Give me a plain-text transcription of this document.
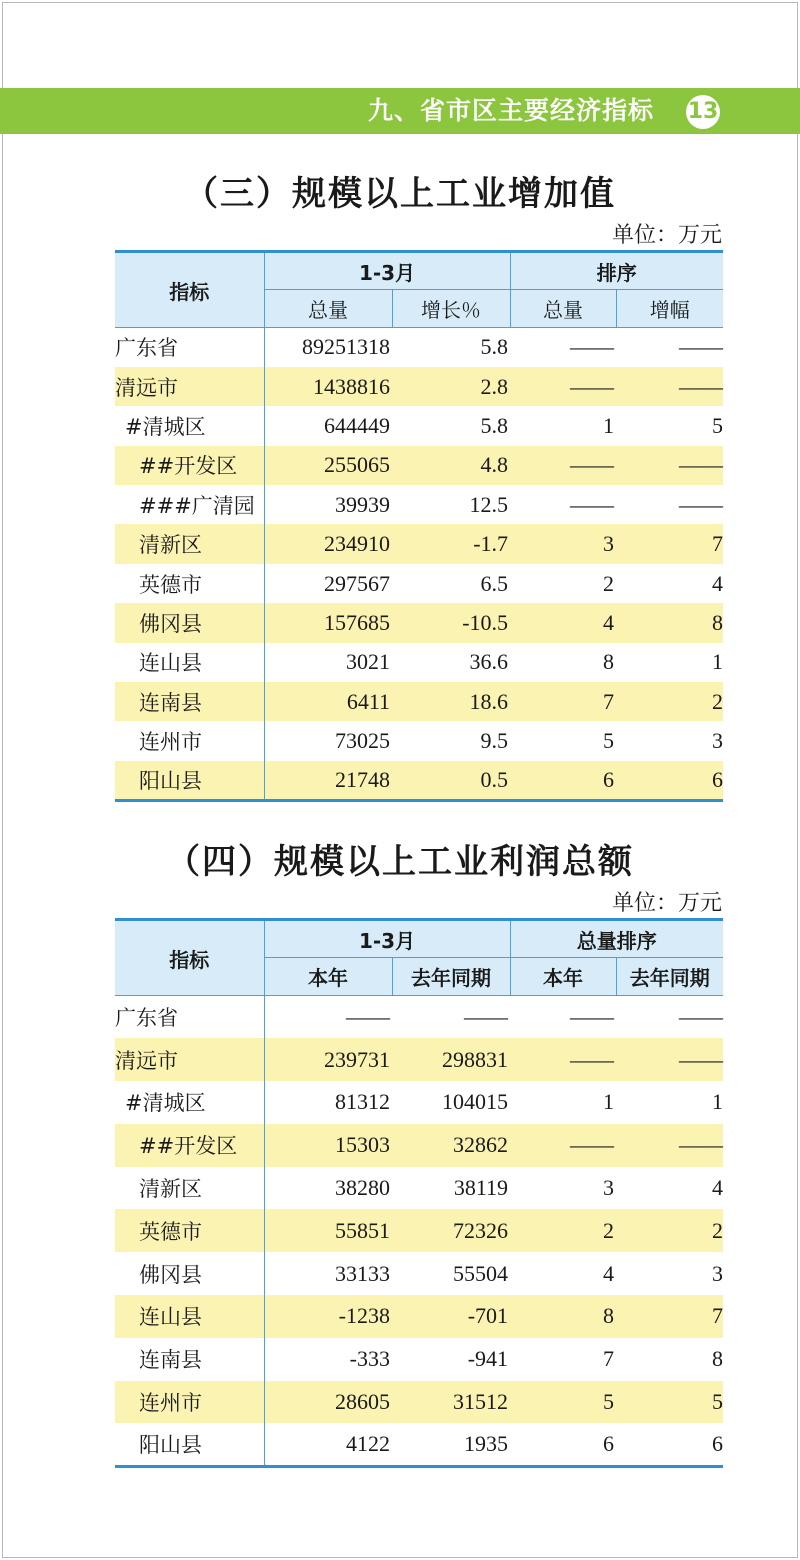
九、省市区主要经济指标 13
（三）规模以上工业增加值
单位：万元
指标	1-3月		排序	
	总量	增长％	总量	增幅
广东省	89251318	5.8	——	——
清远市	1438816	2.8	——	——
#清城区	644449	5.8	1	5
##开发区	255065	4.8	——	——
###广清园	39939	12.5	——	——
清新区	234910	-1.7	3	7
英德市	297567	6.5	2	4
佛冈县	157685	-10.5	4	8
连山县	3021	36.6	8	1
连南县	6411	18.6	7	2
连州市	73025	9.5	5	3
阳山县	21748	0.5	6	6
（四）规模以上工业利润总额
单位：万元
指标	1-3月		总量排序	
	本年	去年同期	本年	去年同期
广东省	——	——	——	——
清远市	239731	298831	——	——
#清城区	81312	104015	1	1
##开发区	15303	32862	——	——
清新区	38280	38119	3	4
英德市	55851	72326	2	2
佛冈县	33133	55504	4	3
连山县	-1238	-701	8	7
连南县	-333	-941	7	8
连州市	28605	31512	5	5
阳山县	4122	1935	6	6
